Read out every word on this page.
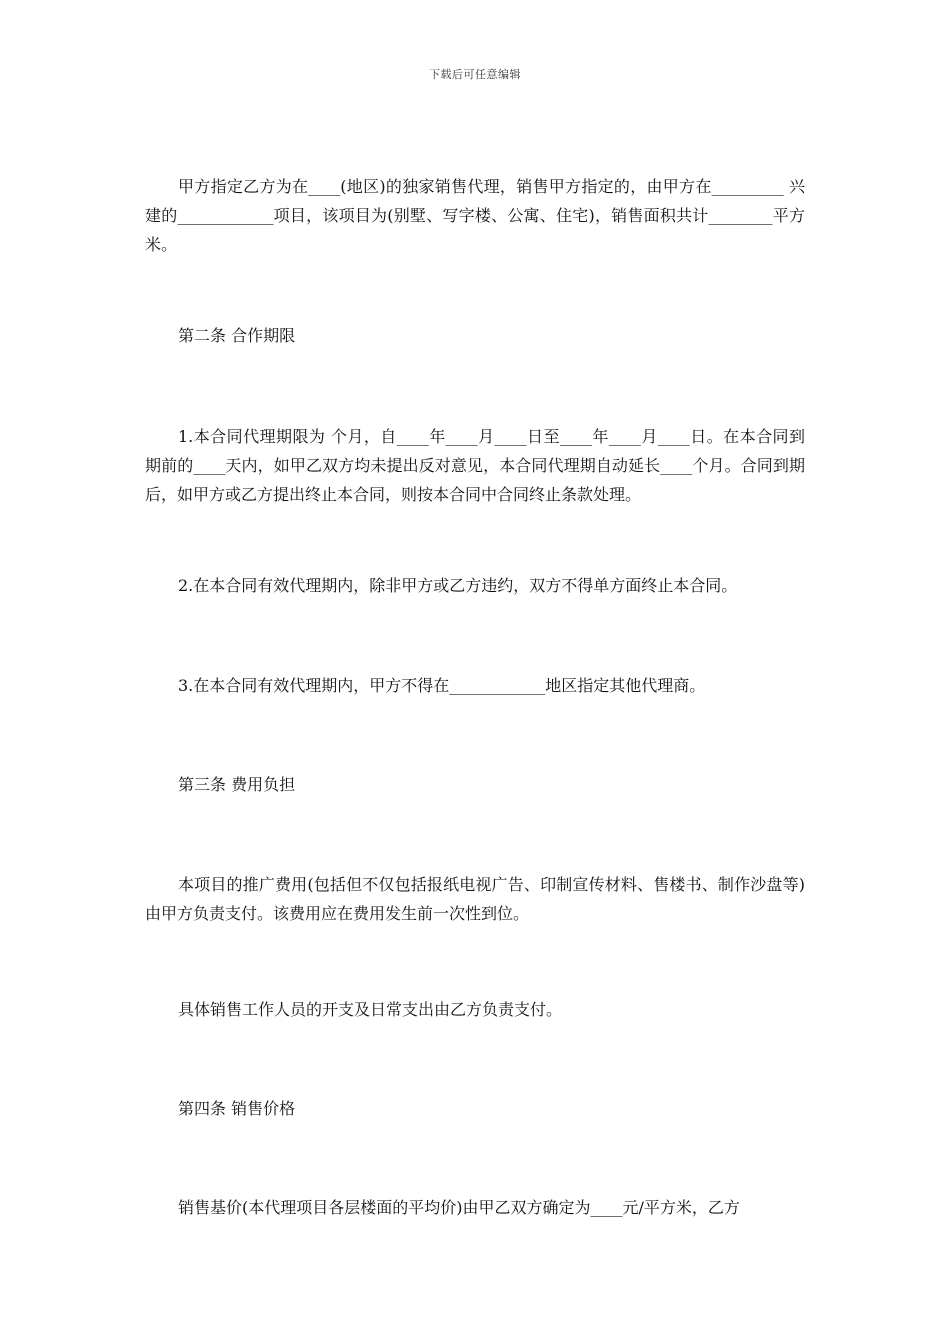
下载后可任意编辑

甲方指定乙方为在____(地区)的独家销售代理，销售甲方指定的，由甲方在_________ 兴建的____________项目，该项目为(别墅、写字楼、公寓、住宅)，销售面积共计________平方米。

第二条 合作期限

1.本合同代理期限为 个月，自____年____月____日至____年____月____日。在本合同到期前的____天内，如甲乙双方均未提出反对意见，本合同代理期自动延长____个月。合同到期后，如甲方或乙方提出终止本合同，则按本合同中合同终止条款处理。

2.在本合同有效代理期内，除非甲方或乙方违约，双方不得单方面终止本合同。

3.在本合同有效代理期内，甲方不得在____________地区指定其他代理商。

第三条 费用负担

本项目的推广费用(包括但不仅包括报纸电视广告、印制宣传材料、售楼书、制作沙盘等)由甲方负责支付。该费用应在费用发生前一次性到位。

具体销售工作人员的开支及日常支出由乙方负责支付。

第四条 销售价格

销售基价(本代理项目各层楼面的平均价)由甲乙双方确定为____元/平方米，乙方
